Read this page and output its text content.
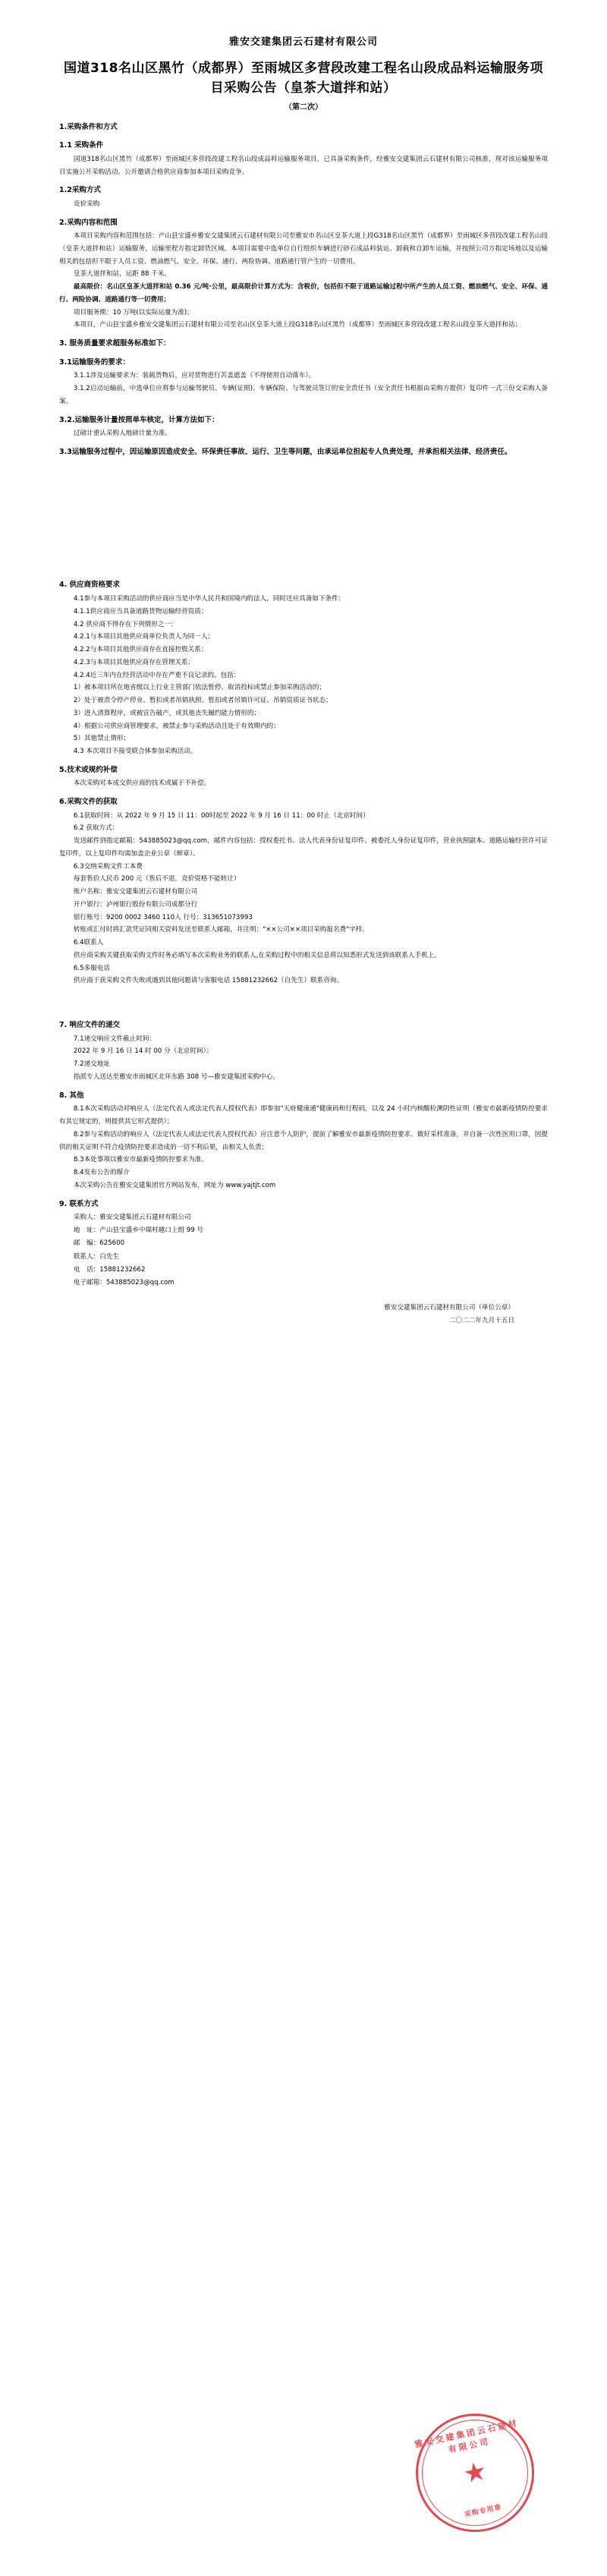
雅安交建集团云石建材有限公司
国道318名山区黑竹（成都界）至雨城区多营段改建工程名山段成品料运输服务项目采购公告（皇茶大道拌和站）
（第二次）
1.采购条件和方式

1.1 采购条件

国道318名山区黑竹（成都界）至雨城区多营段改建工程名山段成品料运输服务项目，已具备采购条件，经雅安交建集团云石建材有限公司核准，现对该运输服务项目实施公开采购活动。公开邀请合格供应商参加本项目采购竞争。

1.2采购方式

竞价采购

2.采购内容和范围

本项目采购内容和范围包括：产山县宝盛乡雅安交建集团云石建材有限公司至雅安市名山区皇茶大道上段G318名山区黑竹（成都界）至雨城区多营段改建工程名山段（皇茶大道拌和站）运输服务，运输里程方指定卸货区域。本项目需要中选单位自行组织车辆进行砂石成品料装运、卸载和自卸车运输，并按照公司方指定场地以及运输相关的包括但不限于人员工资、燃油燃气、安全、环保、通行、两险协调、道路通行管产生的一切费用。

皇茶大道拌和站，运距 88 千米。

最高限价：名山区皇茶大道拌和站 0.36 元/吨·公里，最高限价计算方式为：含税价，包括但不限于道路运输过程中所产生的人员工资、燃油燃气、安全、环保、通行、两险协调、道路通行等一切费用；

项目服务期：10 万吨(以实际运量为准)；

本项目，产山县宝盛乡雅安交建集团云石建材有限公司至名山区皇茶大道上段G318名山区黑竹（成都界）至雨城区多营段改建工程名山段皇茶大道拌和站；

3. 服务质量要求超服务标准如下：

3.1运输服务的要求：

3.1.1涉及运输要求为：装载货物后，应对货物进行苫盖遮盖（不得使用自动落车）。

3.1.2启动运输前，中选单位应将参与运输驾驶员、车辆(证照)、车辆保险、与驾驶员签订的安全责任书（安全责任书根据由采购方提供）复印件一式三份交采购人备案。

3.2.运输服务计量按照单车核定，计算方法如下：

过磅计重认采购人地磅计量为准。

3.3运输服务过程中，因运输原因造成安全、环保责任事故、运行、卫生等问题，由承运单位担起专人负责处理，并承担相关法律、经济责任。

4. 供应商资格要求

4.1参与本项目采购活动的供应商应当是中华人民共和国境内的法人，同时还应具备如下条件：

4.1.1供应商应当具备道路货物运输经营资质；

4.2 供应商不得存在下列情形之一：

4.2.1与本项目其他供应商单位负责人为同一人；

4.2.2与本项目其他供应商存在直接控股关系；

4.2.3与本项目其他供应商存在管理关系；

4.2.4近三年内在经营活动中存在严重不良记录的。包括：

1）被本项目所在地省级以上行业主管部门依法暂停、取消投标或禁止参加采购活动的；

2）处于被责令停产停业、暂扣或者吊销执照、暂扣或者吊销许可证、吊销资质证书状态；

3）进入清算程序，或被宣告破产，或其他丧失履约能力情形的；

4）根据公司供应商管理要求，被禁止参与采购活动且处于有效期内的；

5）其他禁止情形；

4.3 本次项目不接受联合体参加采购活动。

5.技术或规约补偿

本次采购对本成交供应商的技术或属于不补偿。

6.采购文件的获取

6.1获取时间：从 2022 年 9 月 15 日 11：00时起至 2022 年 9 月 16 日 11：00 时止（北京时间）

6.2 获取方式：

发送邮件到指定邮箱：543885023@qq.com，邮件内容包括：授权委托书、法人代表身份证复印件、被委托人身份证复印件，营业执照副本、道路运输经营许可证复印件，以上复印件均需加盖企业公章（鲜章）。

6.3交纳采购文件工本费

每套售价人民币 200 元（售后不退，竞价资格不能转让）

账户名称：雅安交建集团云石建材有限公司

开户银行：泸州银行股份有限公司成都分行

银行账号：9200 0002 3460 110入 行号：313651073993

转账或汇付时将汇款凭证同相关资料发送至联系人邮箱，并注明："××公司××项目采购报名费"字样。

6.4联系人

供应商采购关键获取采购文件时务必填写本次采购业务的联系人,在采购过程中的相关信息将以知悉形式发送到该联系人手机上。

6.5多服电话

供应商于获采购文件失败或遇到其他问题请与客服电话 15881232662（自先生）联系咨询。

7. 响应文件的递交

7.1递交响应文件截止时间：

2022 年 9 月 16 日 14 时 00 分（北京时间）；

7.2递交地址

指派专人送达至雅安市雨城区北环东路 308 号—雅安建集团采购中心。

8. 其他

8.1本次采购活动对响应人（法定代表人或法定代表人授权代表）即参加"天府健康通"健康码和行程码，以及 24 小时内核酸检测阴性证明（雅安市最新疫情防控要求有其它规定的，则提供其它形式提供）；

8.2参与采购活动的响应人（法定代表人或法定代表人授权代表）应注意个人防护，提前了解雅安市最新疫情防控要求、做好采样准备，并自备一次性医用口罩，因提供的相关证明不符合疫情防控要求造成的一切不利后果，由相关人负责；

8.3本处事项以雅安市最新疫情防控要求为准。

8.4发布公告的媒介

本次采购公告在雅安交建集团官方网站发布，网址为 www.yajtjt.com

9. 联系方式

采购人：雅安交建集团云石建材有限公司

地　址：产山县宝盛乡中瑞村越口上组 99 号

邮　编：625600

联系人：白先生

电　话：15881232662

电子邮箱：543885023@qq.com

雅安交建集团云石建材有限公司（单位公章）
二〇二二年九月十五日
雅安交建集团云石建材有限公司
★
采购专用章
